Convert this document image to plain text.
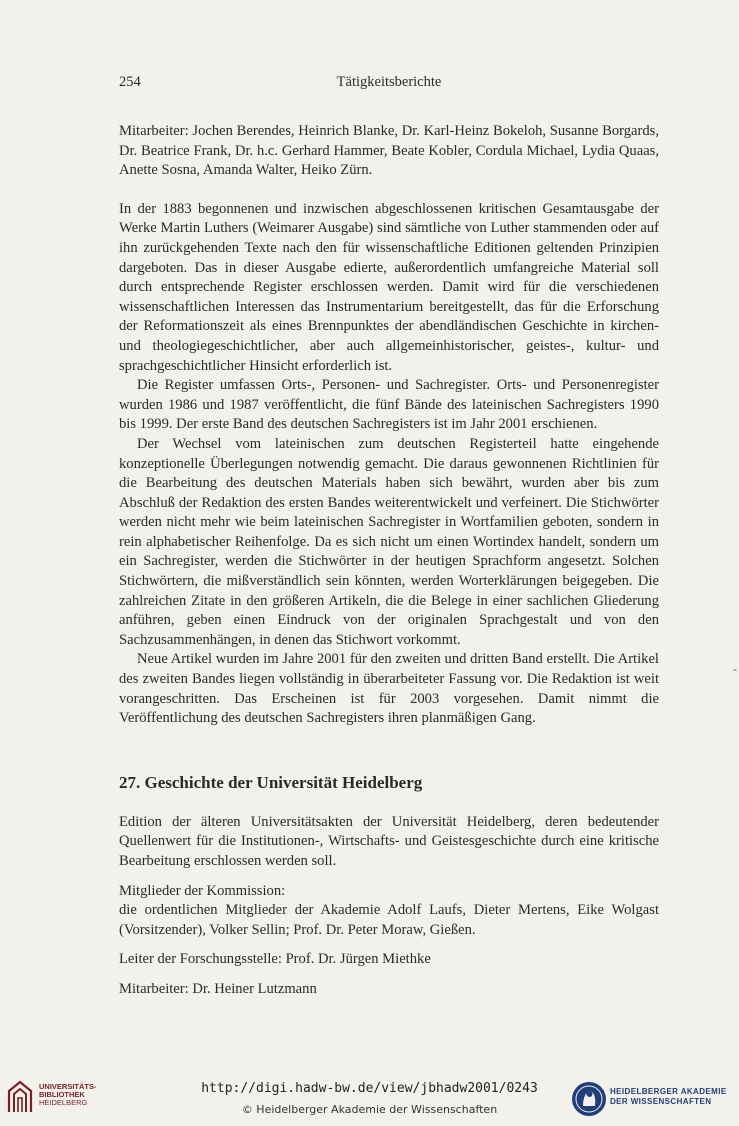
254	Tätigkeitsberichte

Mitarbeiter: Jochen Berendes, Heinrich Blanke, Dr. Karl-Heinz Bokeloh, Susanne Borgards, Dr. Beatrice Frank, Dr. h.c. Gerhard Hammer, Beate Kobler, Cordula Michael, Lydia Quaas, Anette Sosna, Amanda Walter, Heiko Zürn.

In der 1883 begonnenen und inzwischen abgeschlossenen kritischen Gesamtausgabe der Werke Martin Luthers (Weimarer Ausgabe) sind sämtliche von Luther stammenden oder auf ihn zurückgehenden Texte nach den für wissenschaftliche Editionen geltenden Prinzipien dargeboten. Das in dieser Ausgabe edierte, außerordentlich umfangreiche Material soll durch entsprechende Register erschlossen werden. Damit wird für die verschiedenen wissenschaftlichen Interessen das Instrumentarium bereitgestellt, das für die Erforschung der Reformationszeit als eines Brennpunktes der abendländischen Geschichte in kirchen- und theologiegeschichtlicher, aber auch allgemeinhistorischer, geistes-, kultur- und sprachgeschichtlicher Hinsicht erforderlich ist.

Die Register umfassen Orts-, Personen- und Sachregister. Orts- und Personenregister wurden 1986 und 1987 veröffentlicht, die fünf Bände des lateinischen Sachregisters 1990 bis 1999. Der erste Band des deutschen Sachregisters ist im Jahr 2001 erschienen.

Der Wechsel vom lateinischen zum deutschen Registerteil hatte eingehende konzeptionelle Überlegungen notwendig gemacht. Die daraus gewonnenen Richtlinien für die Bearbeitung des deutschen Materials haben sich bewährt, wurden aber bis zum Abschluß der Redaktion des ersten Bandes weiterentwickelt und verfeinert. Die Stichwörter werden nicht mehr wie beim lateinischen Sachregister in Wortfamilien geboten, sondern in rein alphabetischer Reihenfolge. Da es sich nicht um einen Wortindex handelt, sondern um ein Sachregister, werden die Stichwörter in der heutigen Sprachform angesetzt. Solchen Stichwörtern, die mißverständlich sein könnten, werden Worterklärungen beigegeben. Die zahlreichen Zitate in den größeren Artikeln, die die Belege in einer sachlichen Gliederung anführen, geben einen Eindruck von der originalen Sprachgestalt und von den Sachzusammenhängen, in denen das Stichwort vorkommt.

Neue Artikel wurden im Jahre 2001 für den zweiten und dritten Band erstellt. Die Artikel des zweiten Bandes liegen vollständig in überarbeiteter Fassung vor. Die Redaktion ist weit vorangeschritten. Das Erscheinen ist für 2003 vorgesehen. Damit nimmt die Veröffentlichung des deutschen Sachregisters ihren planmäßigen Gang.

27. Geschichte der Universität Heidelberg

Edition der älteren Universitätsakten der Universität Heidelberg, deren bedeutender Quellenwert für die Institutionen-, Wirtschafts- und Geistesgeschichte durch eine kritische Bearbeitung erschlossen werden soll.

Mitglieder der Kommission:

die ordentlichen Mitglieder der Akademie Adolf Laufs, Dieter Mertens, Eike Wolgast (Vorsitzender), Volker Sellin; Prof. Dr. Peter Moraw, Gießen.

Leiter der Forschungsstelle: Prof. Dr. Jürgen Miethke

Mitarbeiter: Dr. Heiner Lutzmann

-
UNIVERSITÄTS-
BIBLIOTHEK
HEIDELBERG
http://digi.hadw-bw.de/view/jbhadw2001/0243
© Heidelberger Akademie der Wissenschaften
HEIDELBERGER AKADEMIE
DER WISSENSCHAFTEN
